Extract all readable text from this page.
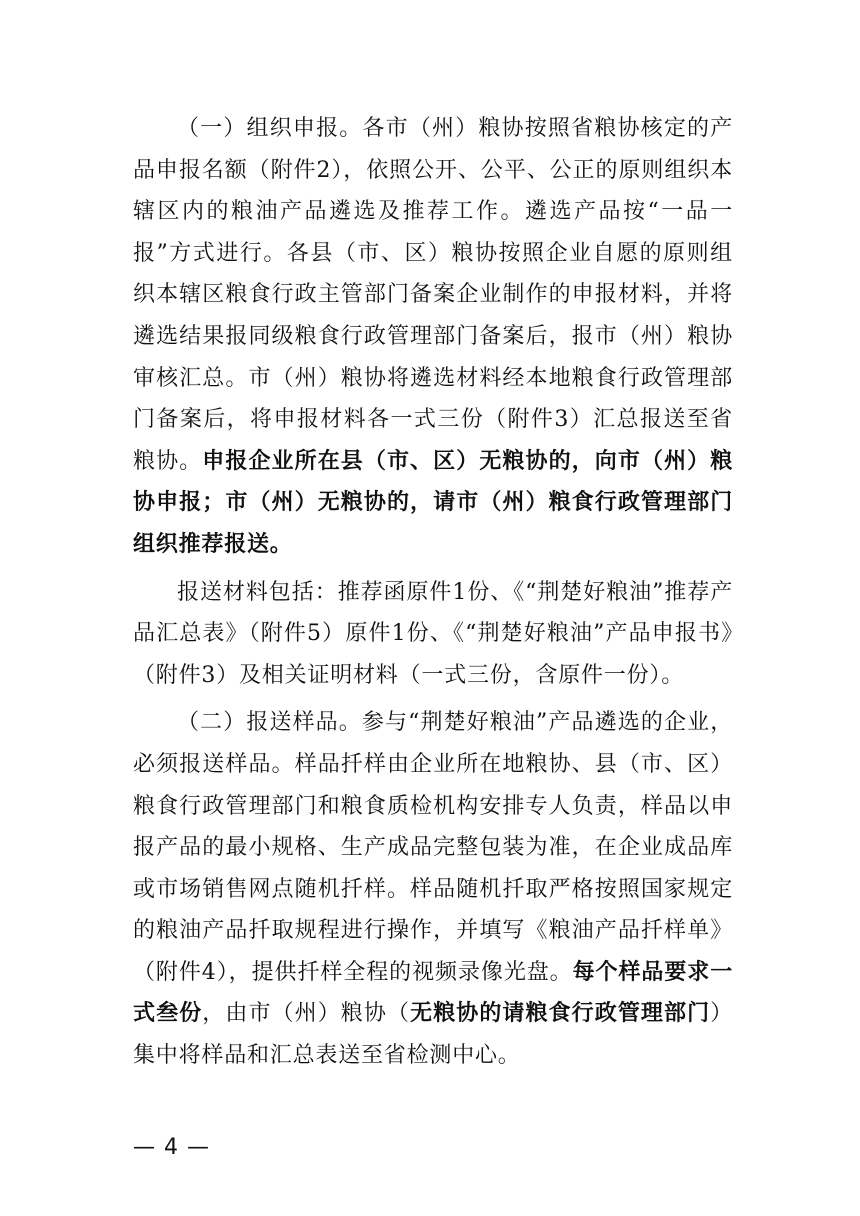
（一）组织申报。各市（州）粮协按照省粮协核定的产品申报名额（附件2），依照公开、公平、公正的原则组织本辖区内的粮油产品遴选及推荐工作。遴选产品按“一品一报”方式进行。各县（市、区）粮协按照企业自愿的原则组织本辖区粮食行政主管部门备案企业制作的申报材料，并将遴选结果报同级粮食行政管理部门备案后，报市（州）粮协审核汇总。市（州）粮协将遴选材料经本地粮食行政管理部门备案后，将申报材料各一式三份（附件3）汇总报送至省粮协。申报企业所在县（市、区）无粮协的，向市（州）粮协申报；市（州）无粮协的，请市（州）粮食行政管理部门组织推荐报送。

报送材料包括：推荐函原件1份、《“荆楚好粮油”推荐产品汇总表》（附件5）原件1份、《“荆楚好粮油”产品申报书》（附件3）及相关证明材料（一式三份，含原件一份）。

（二）报送样品。参与“荆楚好粮油”产品遴选的企业，必须报送样品。样品扦样由企业所在地粮协、县（市、区）粮食行政管理部门和粮食质检机构安排专人负责，样品以申报产品的最小规格、生产成品完整包装为准，在企业成品库或市场销售网点随机扦样。样品随机扦取严格按照国家规定的粮油产品扦取规程进行操作，并填写《粮油产品扦样单》（附件4），提供扦样全程的视频录像光盘。每个样品要求一式叁份，由市（州）粮协（无粮协的请粮食行政管理部门）集中将样品和汇总表送至省检测中心。

— 4 —
